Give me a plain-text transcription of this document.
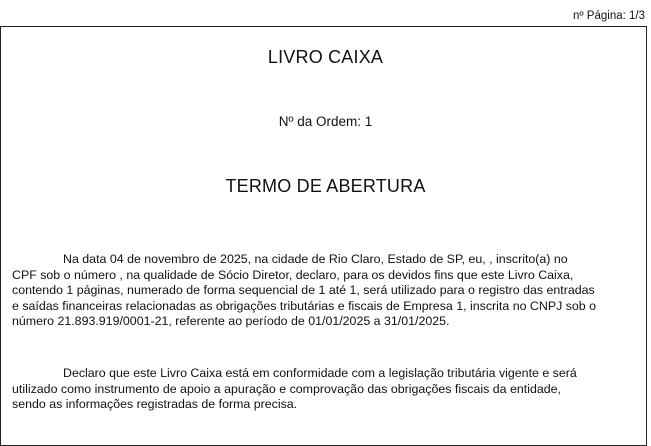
nº Página: 1/3
LIVRO CAIXA
Nº da Ordem: 1
TERMO DE ABERTURA
Na data 04 de novembro de 2025, na cidade de Rio Claro, Estado de SP, eu, , inscrito(a) no
CPF sob o número , na qualidade de Sócio Diretor, declaro, para os devidos fins que este Livro Caixa,
contendo 1 páginas, numerado de forma sequencial de 1 até 1, será utilizado para o registro das entradas
e saídas financeiras relacionadas as obrigações tributárias e fiscais de Empresa 1, inscrita no CNPJ sob o
número 21.893.919/0001-21, referente ao período de 01/01/2025 a 31/01/2025.
Declaro que este Livro Caixa está em conformidade com a legislação tributária vigente e será
utilizado como instrumento de apoio a apuração e comprovação das obrigações fiscais da entidade,
sendo as informações registradas de forma precisa.
